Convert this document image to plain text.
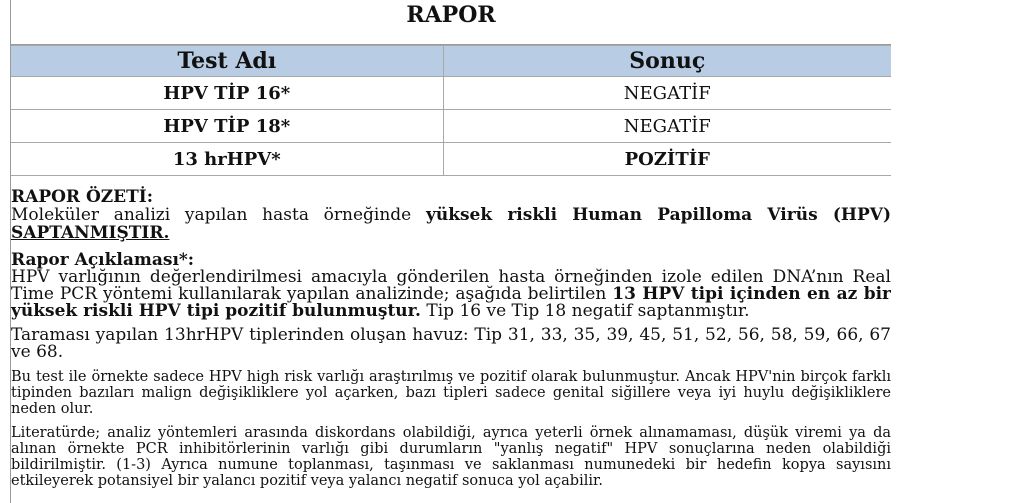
RAPOR
Test Adı	Sonuç
HPV TİP 16*	NEGATİF
HPV TİP 18*	NEGATİF
13 hrHPV*	POZİTİF
RAPOR ÖZETİ:
Moleküler analizi yapılan hasta örneğinde yüksek riskli Human Papilloma Virüs (HPV) SAPTANMIŞTIR.
Rapor Açıklaması*:
HPV varlığının değerlendirilmesi amacıyla gönderilen hasta örneğinden izole edilen DNA’nın Real Time PCR yöntemi kullanılarak yapılan analizinde; aşağıda belirtilen 13 HPV tipi içinden en az bir yüksek riskli HPV tipi pozitif bulunmuştur. Tip 16 ve Tip 18 negatif saptanmıştır.
Taraması yapılan 13hrHPV tiplerinden oluşan havuz: Tip 31, 33, 35, 39, 45, 51, 52, 56, 58, 59, 66, 67 ve 68.
Bu test ile örnekte sadece HPV high risk varlığı araştırılmış ve pozitif olarak bulunmuştur. Ancak HPV'nin birçok farklı tipinden bazıları malign değişikliklere yol açarken, bazı tipleri sadece genital siğillere veya iyi huylu değişikliklere neden olur.
Literatürde; analiz yöntemleri arasında diskordans olabildiği, ayrıca yeterli örnek alınamaması, düşük viremi ya da alınan örnekte PCR inhibitörlerinin varlığı gibi durumların "yanlış negatif" HPV sonuçlarına neden olabildiği bildirilmiştir. (1-3) Ayrıca numune toplanması, taşınması ve saklanması numunedeki bir hedefin kopya sayısını etkileyerek potansiyel bir yalancı pozitif veya yalancı negatif sonuca yol açabilir.
